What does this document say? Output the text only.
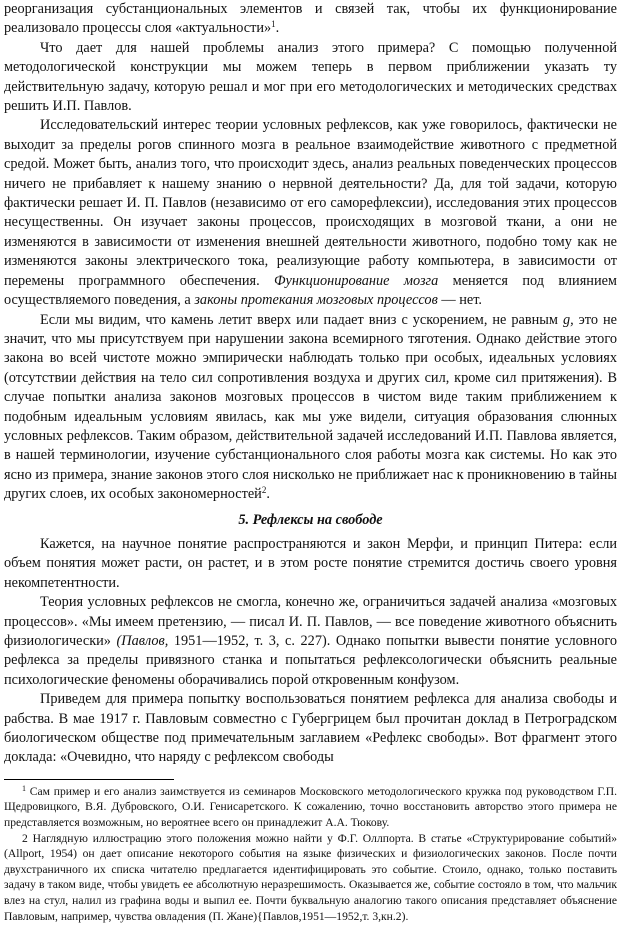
реорганизация субстанциональных элементов и связей так, чтобы их функционирование реализовало процессы слоя «актуальности»$^1$.

Что дает для нашей проблемы анализ этого примера? С помощью полученной методологической конструкции мы можем теперь в первом приближении указать ту действительную задачу, которую решал и мог при его методологических и методических средствах решить И.П. Павлов.

Исследовательский интерес теории условных рефлексов, как уже говорилось, фактически не выходит за пределы рогов спинного мозга в реальное взаимодействие животного с предметной средой. Может быть, анализ того, что происходит здесь, анализ реальных поведенческих процессов ничего не прибавляет к нашему знанию о нервной деятельности? Да, для той задачи, которую фактически решает И. П. Павлов (независимо от его саморефлексии), исследования этих процессов несущественны. Он изучает законы процессов, происходящих в мозговой ткани, а они не изменяются в зависимости от изменения внешней деятельности животного, подобно тому как не изменяются законы электрического тока, реализующие работу компьютера, в зависимости от перемены программного обеспечения. Функционирование мозга меняется под влиянием осуществляемого поведения, а законы протекания мозговых процессов — нет.

Если мы видим, что камень летит вверх или падает вниз с ускорением, не равным g, это не значит, что мы присутствуем при нарушении закона всемирного тяготения. Однако действие этого закона во всей чистоте можно эмпирически наблюдать только при особых, идеальных условиях (отсутствии действия на тело сил сопротивления воздуха и других сил, кроме сил притяжения). В случае попытки анализа законов мозговых процессов в чистом виде таким приближением к подобным идеальным условиям явилась, как мы уже видели, ситуация образования слюнных условных рефлексов. Таким образом, действительной задачей исследований И.П. Павлова является, в нашей терминологии, изучение субстанционального слоя работы мозга как системы. Но как это ясно из примера, знание законов этого слоя нисколько не приближает нас к проникновению в тайны других слоев, их особых закономерностей$^2$.

5. Рефлексы на свободе

Кажется, на научное понятие распространяются и закон Мерфи, и принцип Питера: если объем понятия может расти, он растет, и в этом росте понятие стремится достичь своего уровня некомпетентности.

Теория условных рефлексов не смогла, конечно же, ограничиться задачей анализа «мозговых процессов». «Мы имеем претензию, — писал И. П. Павлов, — все поведение животного объяснить физиологически» (Павлов, 1951—1952, т. 3, с. 227). Однако попытки вывести понятие условного рефлекса за пределы привязного станка и попытаться рефлексологически объяснить реальные психологические феномены оборачивались порой откровенным конфузом.

Приведем для примера попытку воспользоваться понятием рефлекса для анализа свободы и рабства. В мае 1917 г. Павловым совместно с Губергрицем был прочитан доклад в Петроградском биологическом обществе под примечательным заглавием «Рефлекс свободы». Вот фрагмент этого доклада: «Очевидно, что наряду с рефлексом свободы

$^1$ Сам пример и его анализ заимствуется из семинаров Московского методологического кружка под руководством Г.П. Щедровицкого, В.Я. Дубровского, О.И. Генисаретского. К сожалению, точно восстановить авторство этого примера не представляется возможным, но вероятнее всего он принадлежит А.А. Тюкову.

2 Наглядную иллюстрацию этого положения можно найти у Ф.Г. Оллпорта. В статье «Структурирование событий» (Allport, 1954) он дает описание некоторого события на языке физических и физиологических законов. После почти двухстраничного их списка читателю предлагается идентифицировать это событие. Стоило, однако, только поставить задачу в таком виде, чтобы увидеть ее абсолютную неразрешимость. Оказывается же, событие состояло в том, что мальчик влез на стул, налил из графина воды и выпил ее. Почти буквальную аналогию такого описания представляет объяснение Павловым, например, чувства овладения (П. Жане){Павлов,1951—1952,т. 3,кн.2).
